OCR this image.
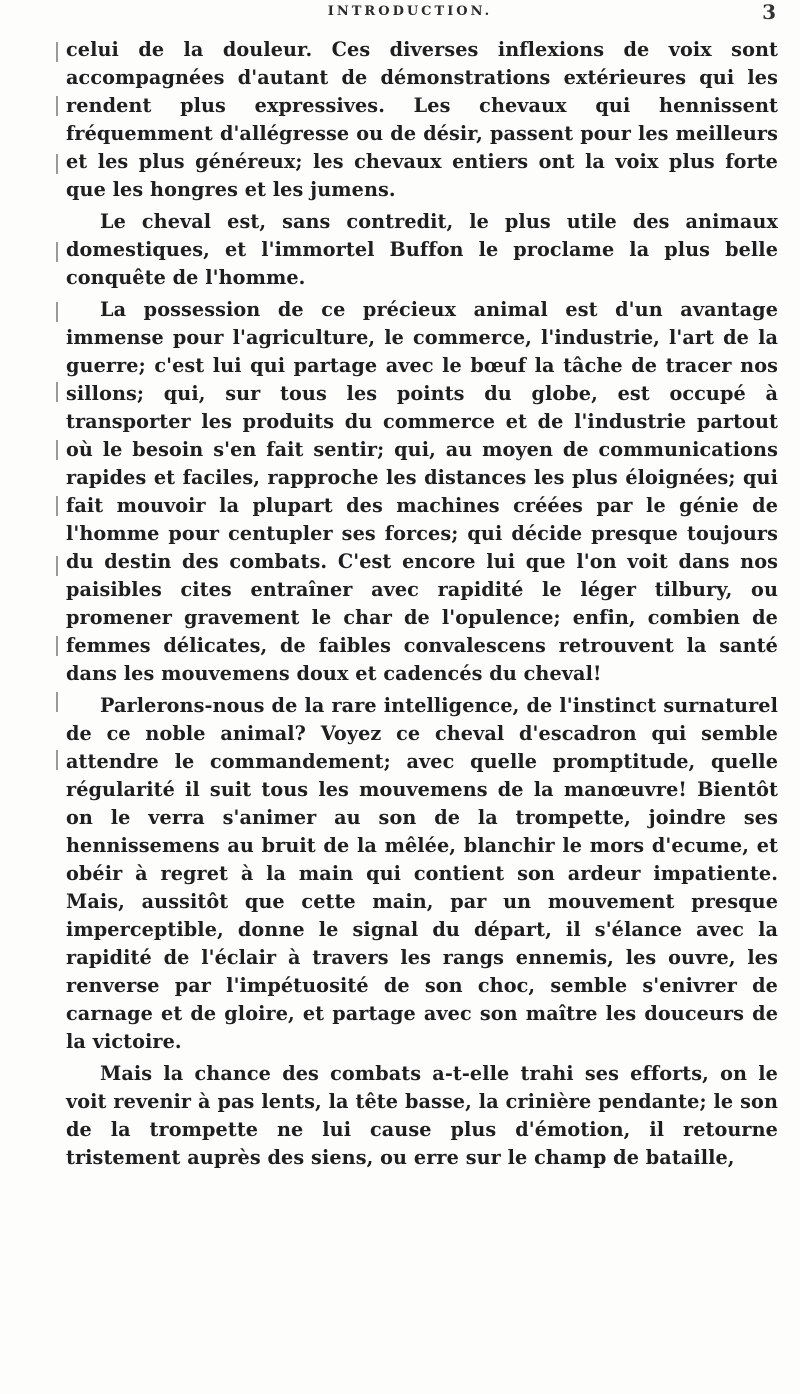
INTRODUCTION.	3

celui de la douleur. Ces diverses inflexions de voix sont accompagnées d'autant de démonstrations extérieures qui les rendent plus expressives. Les chevaux qui hennissent fréquemment d'allégresse ou de désir, passent pour les meilleurs et les plus généreux; les chevaux entiers ont la voix plus forte que les hongres et les jumens.

Le cheval est, sans contredit, le plus utile des animaux domestiques, et l'immortel Buffon le proclame la plus belle conquête de l'homme.

La possession de ce précieux animal est d'un avantage immense pour l'agriculture, le commerce, l'industrie, l'art de la guerre; c'est lui qui partage avec le bœuf la tâche de tracer nos sillons; qui, sur tous les points du globe, est occupé à transporter les produits du commerce et de l'industrie partout où le besoin s'en fait sentir; qui, au moyen de communications rapides et faciles, rapproche les distances les plus éloignées; qui fait mouvoir la plupart des machines créées par le génie de l'homme pour centupler ses forces; qui décide presque toujours du destin des combats. C'est encore lui que l'on voit dans nos paisibles cites entraîner avec rapidité le léger tilbury, ou promener gravement le char de l'opulence; enfin, combien de femmes délicates, de faibles convalescens retrouvent la santé dans les mouvemens doux et cadencés du cheval!

Parlerons-nous de la rare intelligence, de l'instinct surnaturel de ce noble animal? Voyez ce cheval d'escadron qui semble attendre le commandement; avec quelle promptitude, quelle régularité il suit tous les mouvemens de la manœuvre! Bientôt on le verra s'animer au son de la trompette, joindre ses hennissemens au bruit de la mêlée, blanchir le mors d'ecume, et obéir à regret à la main qui contient son ardeur impatiente. Mais, aussitôt que cette main, par un mouvement presque imperceptible, donne le signal du départ, il s'élance avec la rapidité de l'éclair à travers les rangs ennemis, les ouvre, les renverse par l'impétuosité de son choc, semble s'enivrer de carnage et de gloire, et partage avec son maître les douceurs de la victoire.

Mais la chance des combats a-t-elle trahi ses efforts, on le voit revenir à pas lents, la tête basse, la crinière pendante; le son de la trompette ne lui cause plus d'émotion, il retourne tristement auprès des siens, ou erre sur le champ de bataille,
